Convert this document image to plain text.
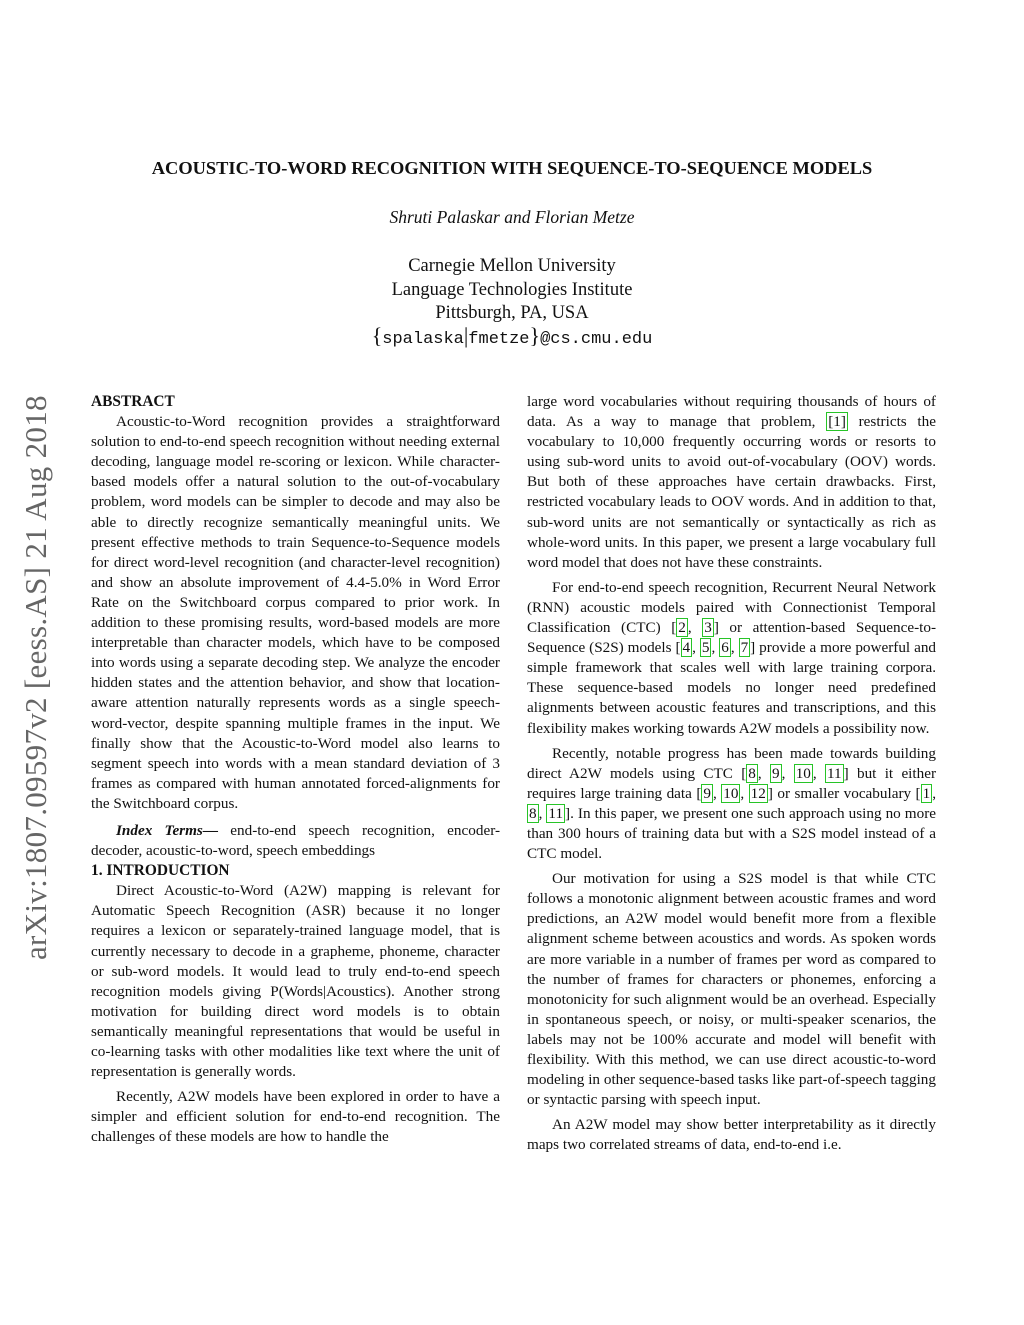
arXiv:1807.09597v2 [eess.AS] 21 Aug 2018
ACOUSTIC-TO-WORD RECOGNITION WITH SEQUENCE-TO-SEQUENCE MODELS
Shruti Palaskar and Florian Metze
Carnegie Mellon University
Language Technologies Institute
Pittsburgh, PA, USA
{spalaska|fmetze}@cs.cmu.edu

ABSTRACT

Acoustic-to-Word recognition provides a straightforward solution to end-to-end speech recognition without needing external decoding, language model re-scoring or lexicon. While character-based models offer a natural solution to the out-of-vocabulary problem, word models can be simpler to decode and may also be able to directly recognize semantically meaningful units. We present effective methods to train Sequence-to-Sequence models for direct word-level recognition (and character-level recognition) and show an absolute improvement of 4.4-5.0% in Word Error Rate on the Switchboard corpus compared to prior work. In addition to these promising results, word-based models are more interpretable than character models, which have to be composed into words using a separate decoding step. We analyze the encoder hidden states and the attention behavior, and show that location-aware attention naturally represents words as a single speech-word-vector, despite spanning multiple frames in the input. We finally show that the Acoustic-to-Word model also learns to segment speech into words with a mean standard deviation of 3 frames as compared with human annotated forced-alignments for the Switchboard corpus.

Index Terms— end-to-end speech recognition, encoder-decoder, acoustic-to-word, speech embeddings

1. INTRODUCTION

Direct Acoustic-to-Word (A2W) mapping is relevant for Automatic Speech Recognition (ASR) because it no longer requires a lexicon or separately-trained language model, that is currently necessary to decode in a grapheme, phoneme, character or sub-word models. It would lead to truly end-to-end speech recognition models giving P(Words|Acoustics). Another strong motivation for building direct word models is to obtain semantically meaningful representations that would be useful in co-learning tasks with other modalities like text where the unit of representation is generally words.

Recently, A2W models have been explored in order to have a simpler and efficient solution for end-to-end recognition. The challenges of these models are how to handle the

large word vocabularies without requiring thousands of hours of data. As a way to manage that problem, [1] restricts the vocabulary to 10,000 frequently occurring words or resorts to using sub-word units to avoid out-of-vocabulary (OOV) words. But both of these approaches have certain drawbacks. First, restricted vocabulary leads to OOV words. And in addition to that, sub-word units are not semantically or syntactically as rich as whole-word units. In this paper, we present a large vocabulary full word model that does not have these constraints.

For end-to-end speech recognition, Recurrent Neural Network (RNN) acoustic models paired with Connectionist Temporal Classification (CTC) [ 2 , 3 ] or attention-based Sequence-to-Sequence (S2S) models [ 4 , 5 , 6 , 7 ] provide a more powerful and simple framework that scales well with large training corpora. These sequence-based models no longer need predefined alignments between acoustic features and transcriptions, and this flexibility makes working towards A2W models a possibility now.

Recently, notable progress has been made towards building direct A2W models using CTC [ 8 , 9 , 10 , 11 ] but it either requires large training data [ 9 , 10 , 12 ] or smaller vocabulary [ 1 , 8 , 11 ]. In this paper, we present one such approach using no more than 300 hours of training data but with a S2S model instead of a CTC model.

Our motivation for using a S2S model is that while CTC follows a monotonic alignment between acoustic frames and word predictions, an A2W model would benefit more from a flexible alignment scheme between acoustics and words. As spoken words are more variable in a number of frames per word as compared to the number of frames for characters or phonemes, enforcing a monotonicity for such alignment would be an overhead. Especially in spontaneous speech, or noisy, or multi-speaker scenarios, the labels may not be 100% accurate and model will benefit with flexibility. With this method, we can use direct acoustic-to-word modeling in other sequence-based tasks like part-of-speech tagging or syntactic parsing with speech input.

An A2W model may show better interpretability as it directly maps two correlated streams of data, end-to-end i.e.
